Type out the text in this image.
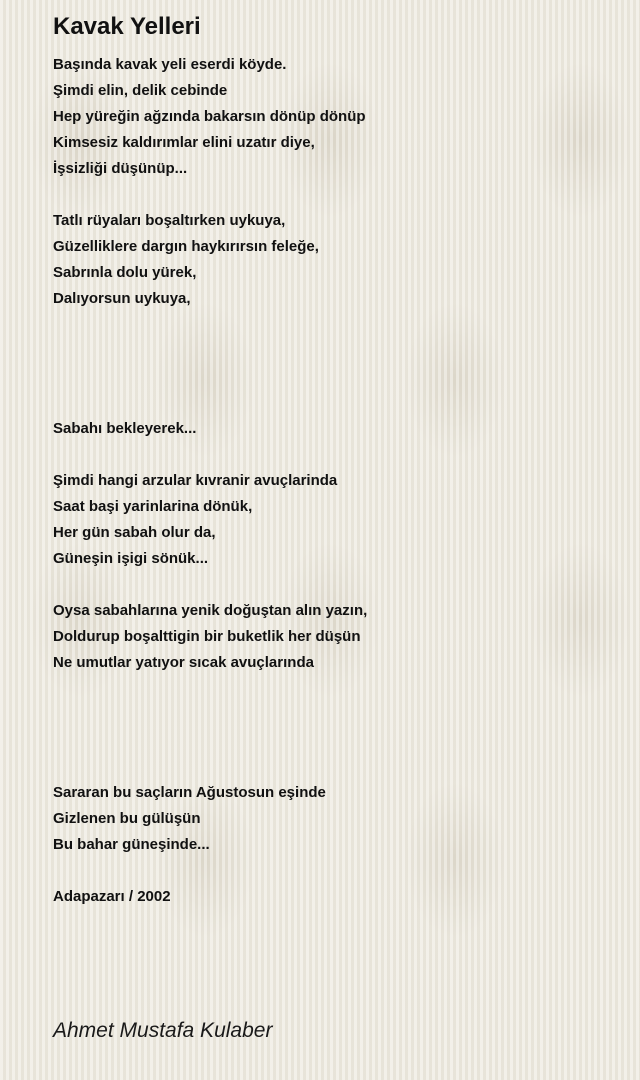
Kavak Yelleri
Başında kavak yeli eserdi köyde.
Şimdi elin, delik cebinde
Hep yüreğin ağzında bakarsın dönüp dönüp
Kimsesiz kaldırımlar elini uzatır diye,
İşsizliği düşünüp...
Tatlı rüyaları boşaltırken uykuya,
Güzelliklere dargın haykırırsın feleğe,
Sabrınla dolu yürek,
Dalıyorsun uykuya,
Sabahı bekleyerek...
Şimdi hangi arzular kıvranir avuçlarinda
Saat başi yarinlarina dönük,
Her gün sabah olur da,
Güneşin işigi sönük...
Oysa sabahlarına yenik doğuştan alın yazın,
Doldurup boşalttigin bir buketlik her düşün
Ne umutlar yatıyor sıcak avuçlarında
Sararan bu saçların Ağustosun eşinde
Gizlenen bu gülüşün
Bu bahar güneşinde...
Adapazarı / 2002
Ahmet Mustafa Kulaber
